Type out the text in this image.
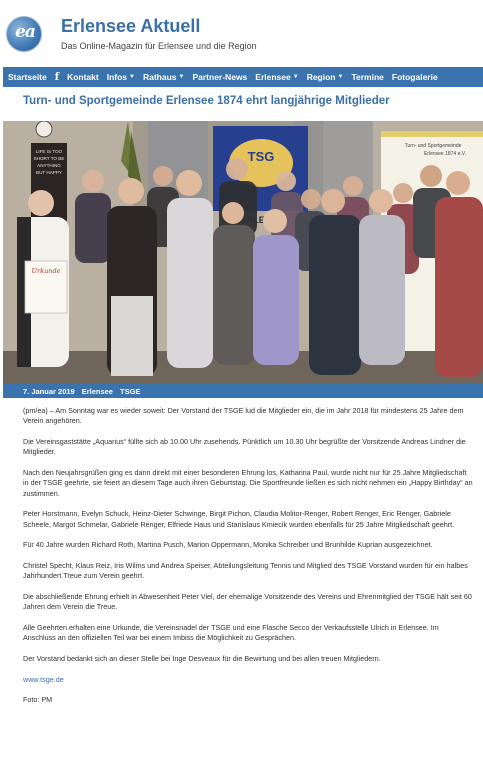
ea	Erlensee Aktuell
Das Online-Magazin für Erlensee und die Region
Startseite f Kontakt Infos ▼ Rathaus ▼ Partner-News Erlensee ▼ Region ▼ Termine Fotogalerie
Turn- und Sportgemeinde Erlensee 1874 ehrt langjährige Mitglieder
LIFE IS TOO SHORT TO BE ANYTHING BUT HAPPY
TSG
Turn- und Sportgemeinde
Erlensee 1874 e.V.
Urkunde
7. Januar 2019 Erlensee TSGE

(pm/ea) – Am Sonntag war es wieder soweit: Der Vorstand der TSGE lud die Mitglieder ein, die im Jahr 2018 für mindestens 25 Jahre dem Verein angehören.

Die Vereinsgaststätte „Aquarius“ füllte sich ab 10.00 Uhr zusehends. Pünktlich um 10.30 Uhr begrüßte der Vorsitzende Andreas Lindner die Mitglieder.

Nach den Neujahrsgrüßen ging es dann direkt mit einer besonderen Ehrung los, Katharina Paul, wurde nicht nur für 25 Jahre Mitgliedschaft in der TSGE geehrte, sie feiert an diesem Tage auch ihren Geburtstag. Die Sportfreunde ließen es sich nicht nehmen ein „Happy Birthday“ an zustimmen.

Peter Horstmann, Evelyn Schuck, Heinz-Dieter Schwinge, Birgit Pichon, Claudia Molitor-Renger, Robert Renger, Eric Renger, Gabriele Scheele, Margot Schmelar, Gabriele Renger, Elfriede Haus und Stanislaus Kmiecik wurden ebenfalls für 25 Jahre Mitgliedschaft geehrt.

Für 40 Jahre wurden Richard Roth, Martina Pusch, Marion Oppermann, Monika Schreiber und Brunhilde Kuprian ausgezeichnet.

Christel Specht, Klaus Reiz, Iris Wilms und Andrea Speiser, Abteilungsleitung Tennis und Mitglied des TSGE Vorstand wurden für ein halbes Jahrhundert Treue zum Verein geehrt.

Die abschließende Ehrung erhielt in Abwesenheit Peter Viel, der ehemalige Vorsitzende des Vereins und Ehrenmitglied der TSGE hält seit 60 Jahren dem Verein die Treue.

Alle Geehrten erhalten eine Urkunde, die Vereinsnadel der TSGE und eine Flasche Secco der Verkaufsstelle Ulrich in Erlensee. Im Anschluss an den offiziellen Teil war bei einem Imbiss die Möglichkeit zu Gesprächen.

Der Vorstand bedankt sich an dieser Stelle bei Inge Desveaux für die Bewirtung und bei allen treuen Mitgliedern.

www.tsge.de

Foto: PM
